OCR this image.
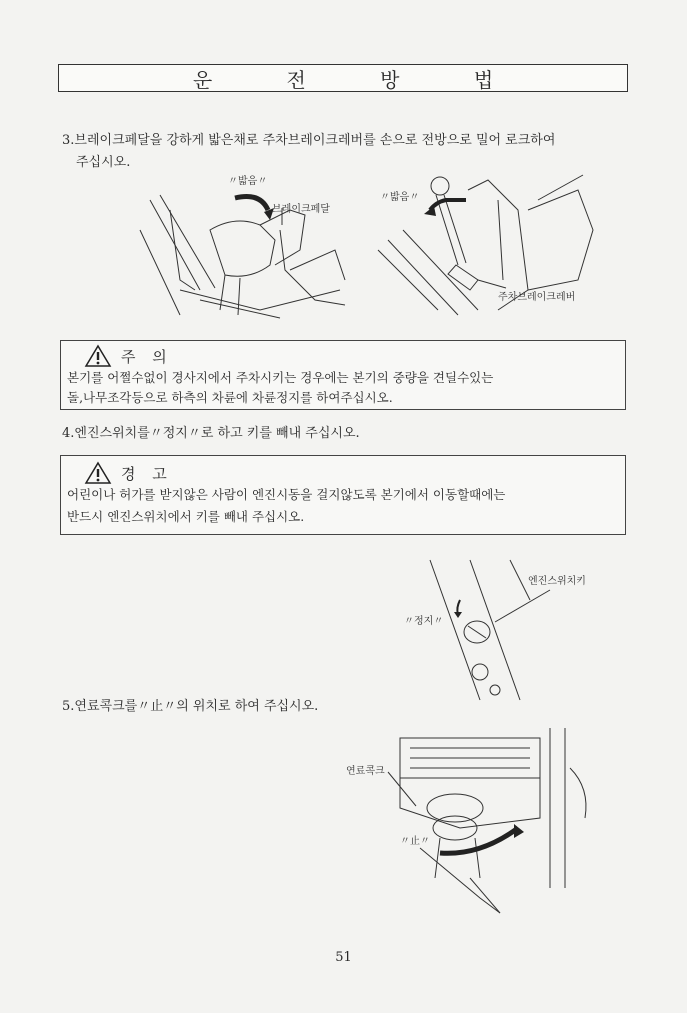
운 전 방 법
3.브레이크페달을 강하게 밟은채로 주차브레이크레버를 손으로 전방으로 밀어 로크하여
주십시오.
〃밟음〃
브레이크페달
〃밟음〃
주차브레이크레버
주 의
본기를 어쩔수없이 경사지에서 주차시키는 경우에는 본기의 중량을 견딜수있는
돌,나무조각등으로 하측의 차륜에 차륜정지를 하여주십시오.
4.엔진스위치를〃정지〃로 하고 키를 빼내 주십시오.
경 고
어린이나 허가를 받지않은 사람이 엔진시동을 걸지않도록 본기에서 이동할때에는
반드시 엔진스위치에서 키를 빼내 주십시오.
엔진스위치키
〃정지〃
5.연료콕크를〃止〃의 위치로 하여 주십시오.
연료콕크
〃止〃
51
